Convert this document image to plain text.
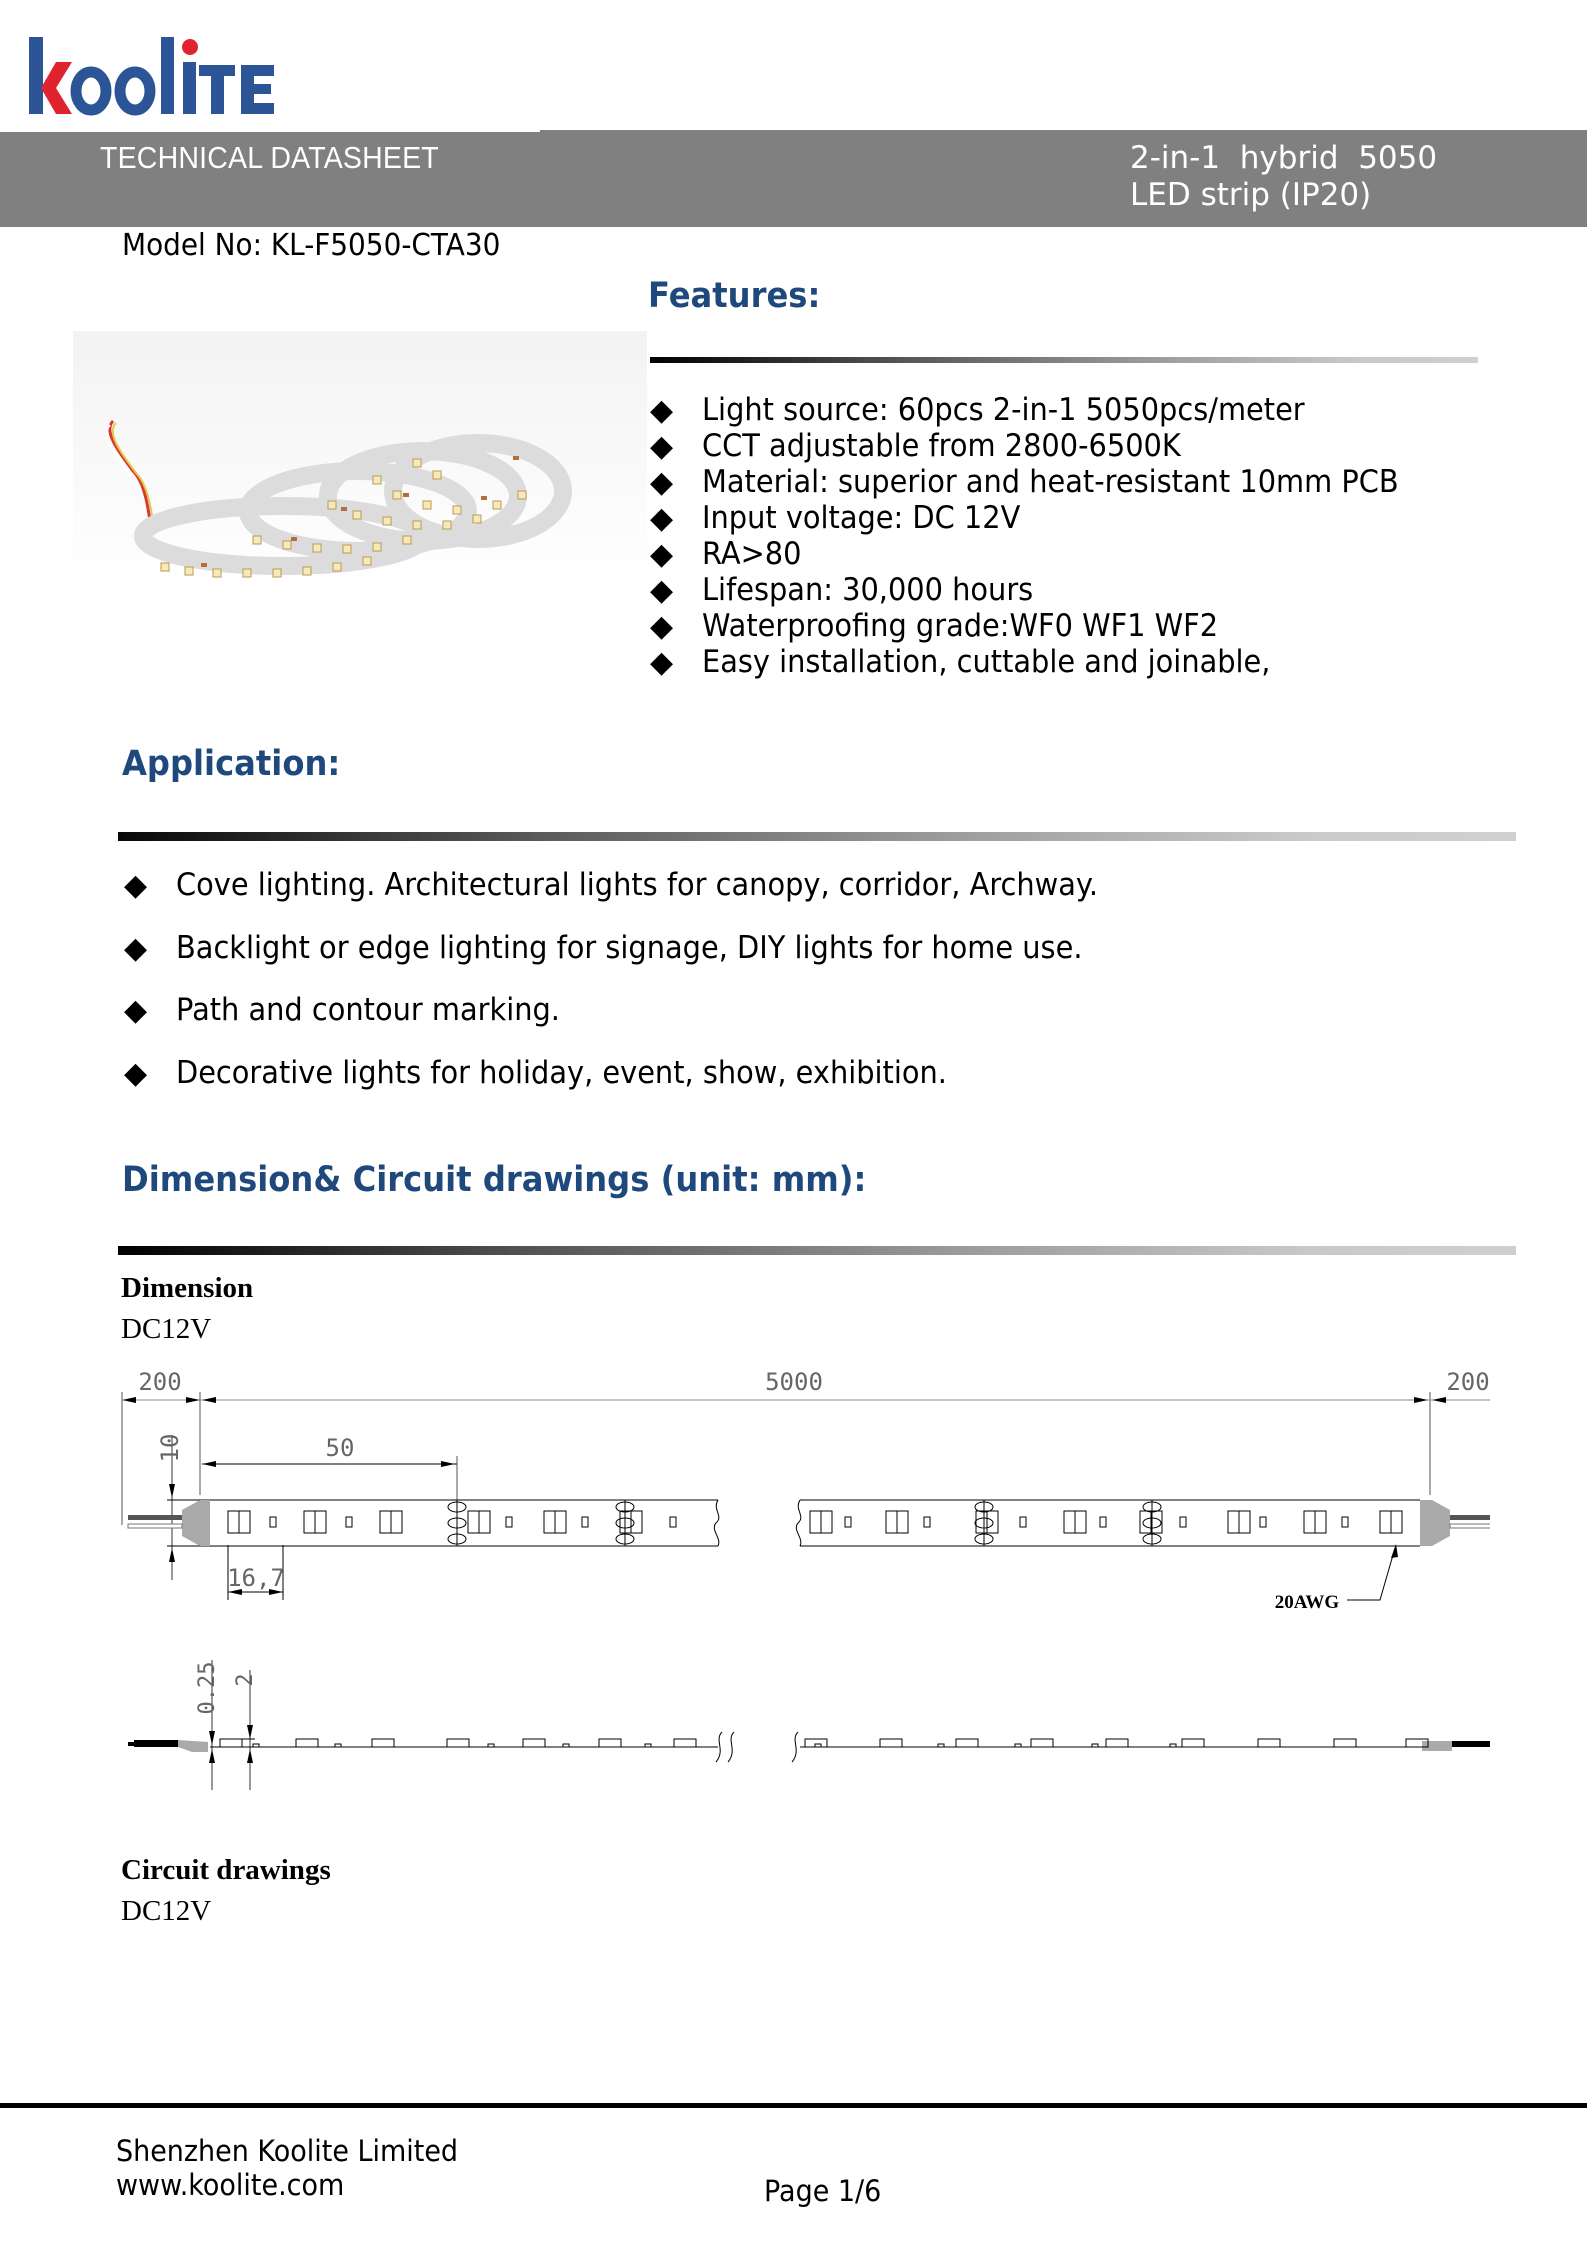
TECHNICAL DATASHEET	2-in-1  hybrid  5050
LED strip (IP20)
Model No: KL-F5050-CTA30
Features:
◆ Light source: 60pcs 2-in-1 5050pcs/meter
◆ CCT adjustable from 2800-6500K
◆ Material: superior and heat-resistant 10mm PCB
◆ Input voltage: DC 12V
◆ RA>80
◆ Lifespan: 30,000 hours
◆ Waterproofing grade:WF0 WF1 WF2
◆ Easy installation, cuttable and joinable,
Application:
◆ Cove lighting. Architectural lights for canopy, corridor, Archway.
◆ Backlight or edge lighting for signage, DIY lights for home use.
◆ Path and contour marking.
◆ Decorative lights for holiday, event, show, exhibition.
Dimension& Circuit drawings (unit: mm):
Dimension
DC12V
200	5000	200
50
10
16,7
20AWG
0.25 2
Circuit drawings
DC12V
Shenzhen Koolite Limited
www.koolite.com	Page 1/6
